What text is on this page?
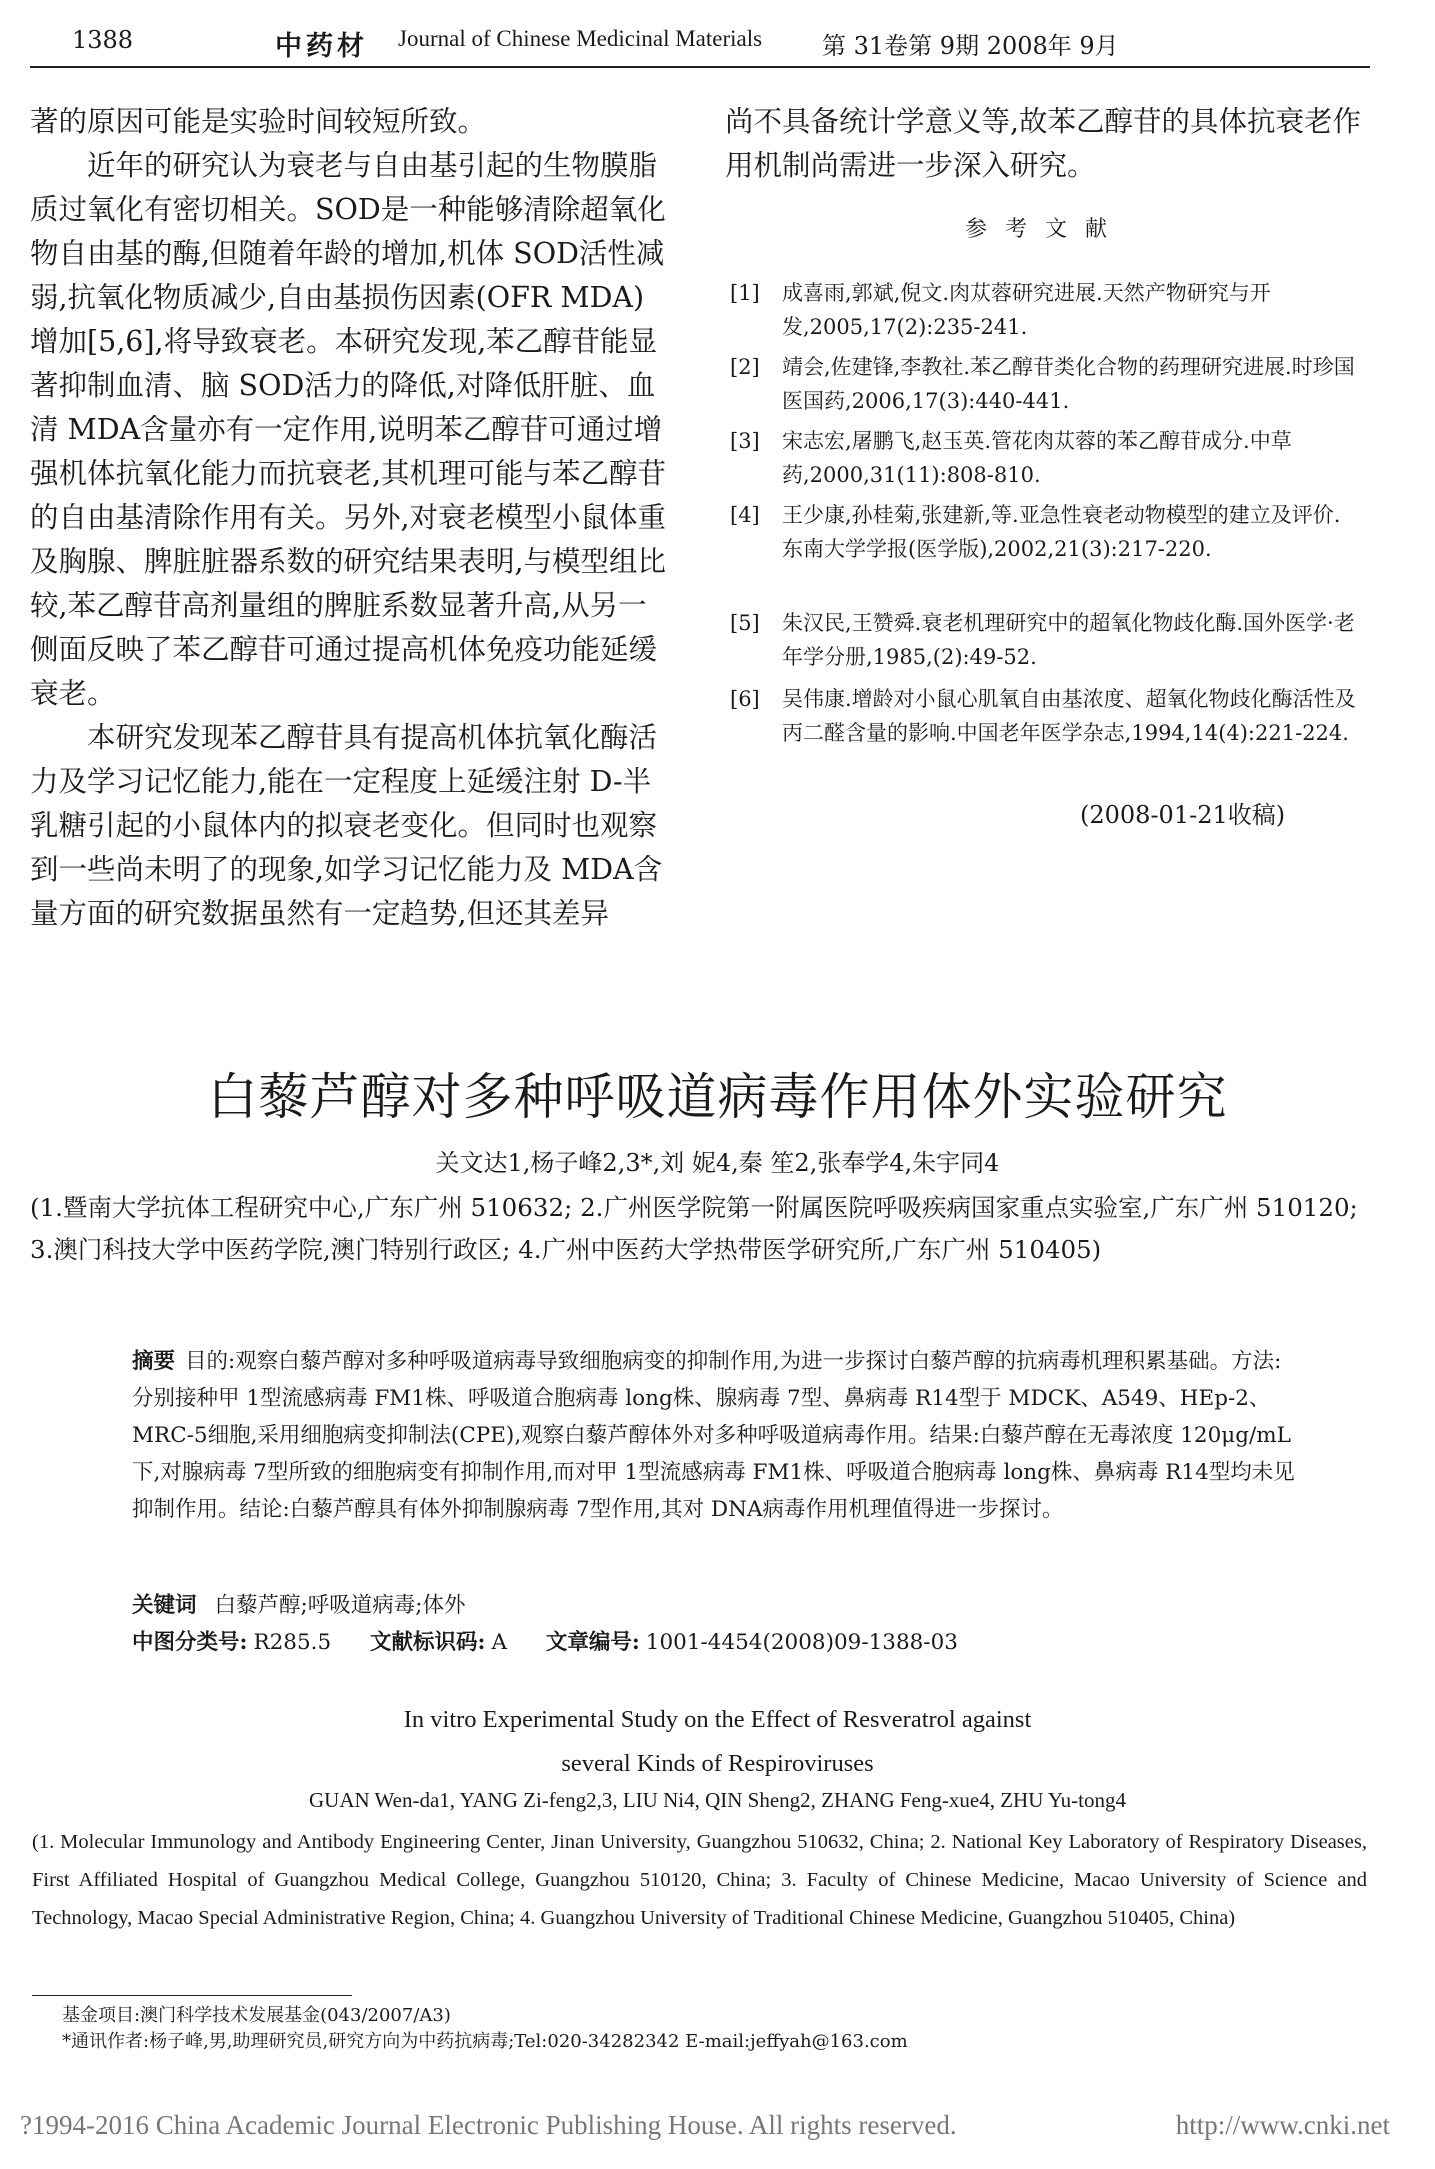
1388	中药材 Journal of Chinese Medicinal Materials 第 31卷第 9期 2008年 9月

著的原因可能是实验时间较短所致。

近年的研究认为衰老与自由基引起的生物膜脂质过氧化有密切相关。SOD是一种能够清除超氧化物自由基的酶,但随着年龄的增加,机体 SOD活性减弱,抗氧化物质减少,自由基损伤因素(OFR MDA)增加[5,6],将导致衰老。本研究发现,苯乙醇苷能显著抑制血清、脑 SOD活力的降低,对降低肝脏、血清 MDA含量亦有一定作用,说明苯乙醇苷可通过增强机体抗氧化能力而抗衰老,其机理可能与苯乙醇苷的自由基清除作用有关。另外,对衰老模型小鼠体重及胸腺、脾脏脏器系数的研究结果表明,与模型组比较,苯乙醇苷高剂量组的脾脏系数显著升高,从另一侧面反映了苯乙醇苷可通过提高机体免疫功能延缓衰老。

本研究发现苯乙醇苷具有提高机体抗氧化酶活力及学习记忆能力,能在一定程度上延缓注射 D-半乳糖引起的小鼠体内的拟衰老变化。但同时也观察到一些尚未明了的现象,如学习记忆能力及 MDA含量方面的研究数据虽然有一定趋势,但还其差异

尚不具备统计学意义等,故苯乙醇苷的具体抗衰老作用机制尚需进一步深入研究。
参考文献
[1] 成喜雨,郭斌,倪文.肉苁蓉研究进展.天然产物研究与开发,2005,17(2):235-241.
[2] 靖会,佐建锋,李教社.苯乙醇苷类化合物的药理研究进展.时珍国医国药,2006,17(3):440-441.
[3] 宋志宏,屠鹏飞,赵玉英.管花肉苁蓉的苯乙醇苷成分.中草药,2000,31(11):808-810.
[4] 王少康,孙桂菊,张建新,等.亚急性衰老动物模型的建立及评价.东南大学学报(医学版),2002,21(3):217-220.
[5] 朱汉民,王赞舜.衰老机理研究中的超氧化物歧化酶.国外医学·老年学分册,1985,(2):49-52.
[6] 吴伟康.增龄对小鼠心肌氧自由基浓度、超氧化物歧化酶活性及丙二醛含量的影响.中国老年医学杂志,1994,14(4):221-224.
(2008-01-21收稿)
白藜芦醇对多种呼吸道病毒作用体外实验研究
关文达1,杨子峰2,3*,刘 妮4,秦 笙2,张奉学4,朱宇同4
(1.暨南大学抗体工程研究中心,广东广州 510632; 2.广州医学院第一附属医院呼吸疾病国家重点实验室,广东广州 510120; 3.澳门科技大学中医药学院,澳门特别行政区; 4.广州中医药大学热带医学研究所,广东广州 510405)
摘要 目的:观察白藜芦醇对多种呼吸道病毒导致细胞病变的抑制作用,为进一步探讨白藜芦醇的抗病毒机理积累基础。方法:分别接种甲 1型流感病毒 FM1株、呼吸道合胞病毒 long株、腺病毒 7型、鼻病毒 R14型于 MDCK、A549、HEp-2、MRC-5细胞,采用细胞病变抑制法(CPE),观察白藜芦醇体外对多种呼吸道病毒作用。结果:白藜芦醇在无毒浓度 120μg/mL下,对腺病毒 7型所致的细胞病变有抑制作用,而对甲 1型流感病毒 FM1株、呼吸道合胞病毒 long株、鼻病毒 R14型均未见抑制作用。结论:白藜芦醇具有体外抑制腺病毒 7型作用,其对 DNA病毒作用机理值得进一步探讨。
关键词 白藜芦醇;呼吸道病毒;体外
中图分类号: R285.5 文献标识码: A 文章编号: 1001-4454(2008)09-1388-03
In vitro Experimental Study on the Effect of Resveratrol against
several Kinds of Respiroviruses
GUAN Wen-da1, YANG Zi-feng2,3, LIU Ni4, QIN Sheng2, ZHANG Feng-xue4, ZHU Yu-tong4
(1. Molecular Immunology and Antibody Engineering Center, Jinan University, Guangzhou 510632, China; 2. National Key Laboratory of Respiratory Diseases, First Affiliated Hospital of Guangzhou Medical College, Guangzhou 510120, China; 3. Faculty of Chinese Medicine, Macao University of Science and Technology, Macao Special Administrative Region, China; 4. Guangzhou University of Traditional Chinese Medicine, Guangzhou 510405, China)
基金项目:澳门科学技术发展基金(043/2007/A3)
*通讯作者:杨子峰,男,助理研究员,研究方向为中药抗病毒;Tel:020-34282342 E-mail:jeffyah@163.com
?1994-2016 China Academic Journal Electronic Publishing House. All rights reserved.	http://www.cnki.net
